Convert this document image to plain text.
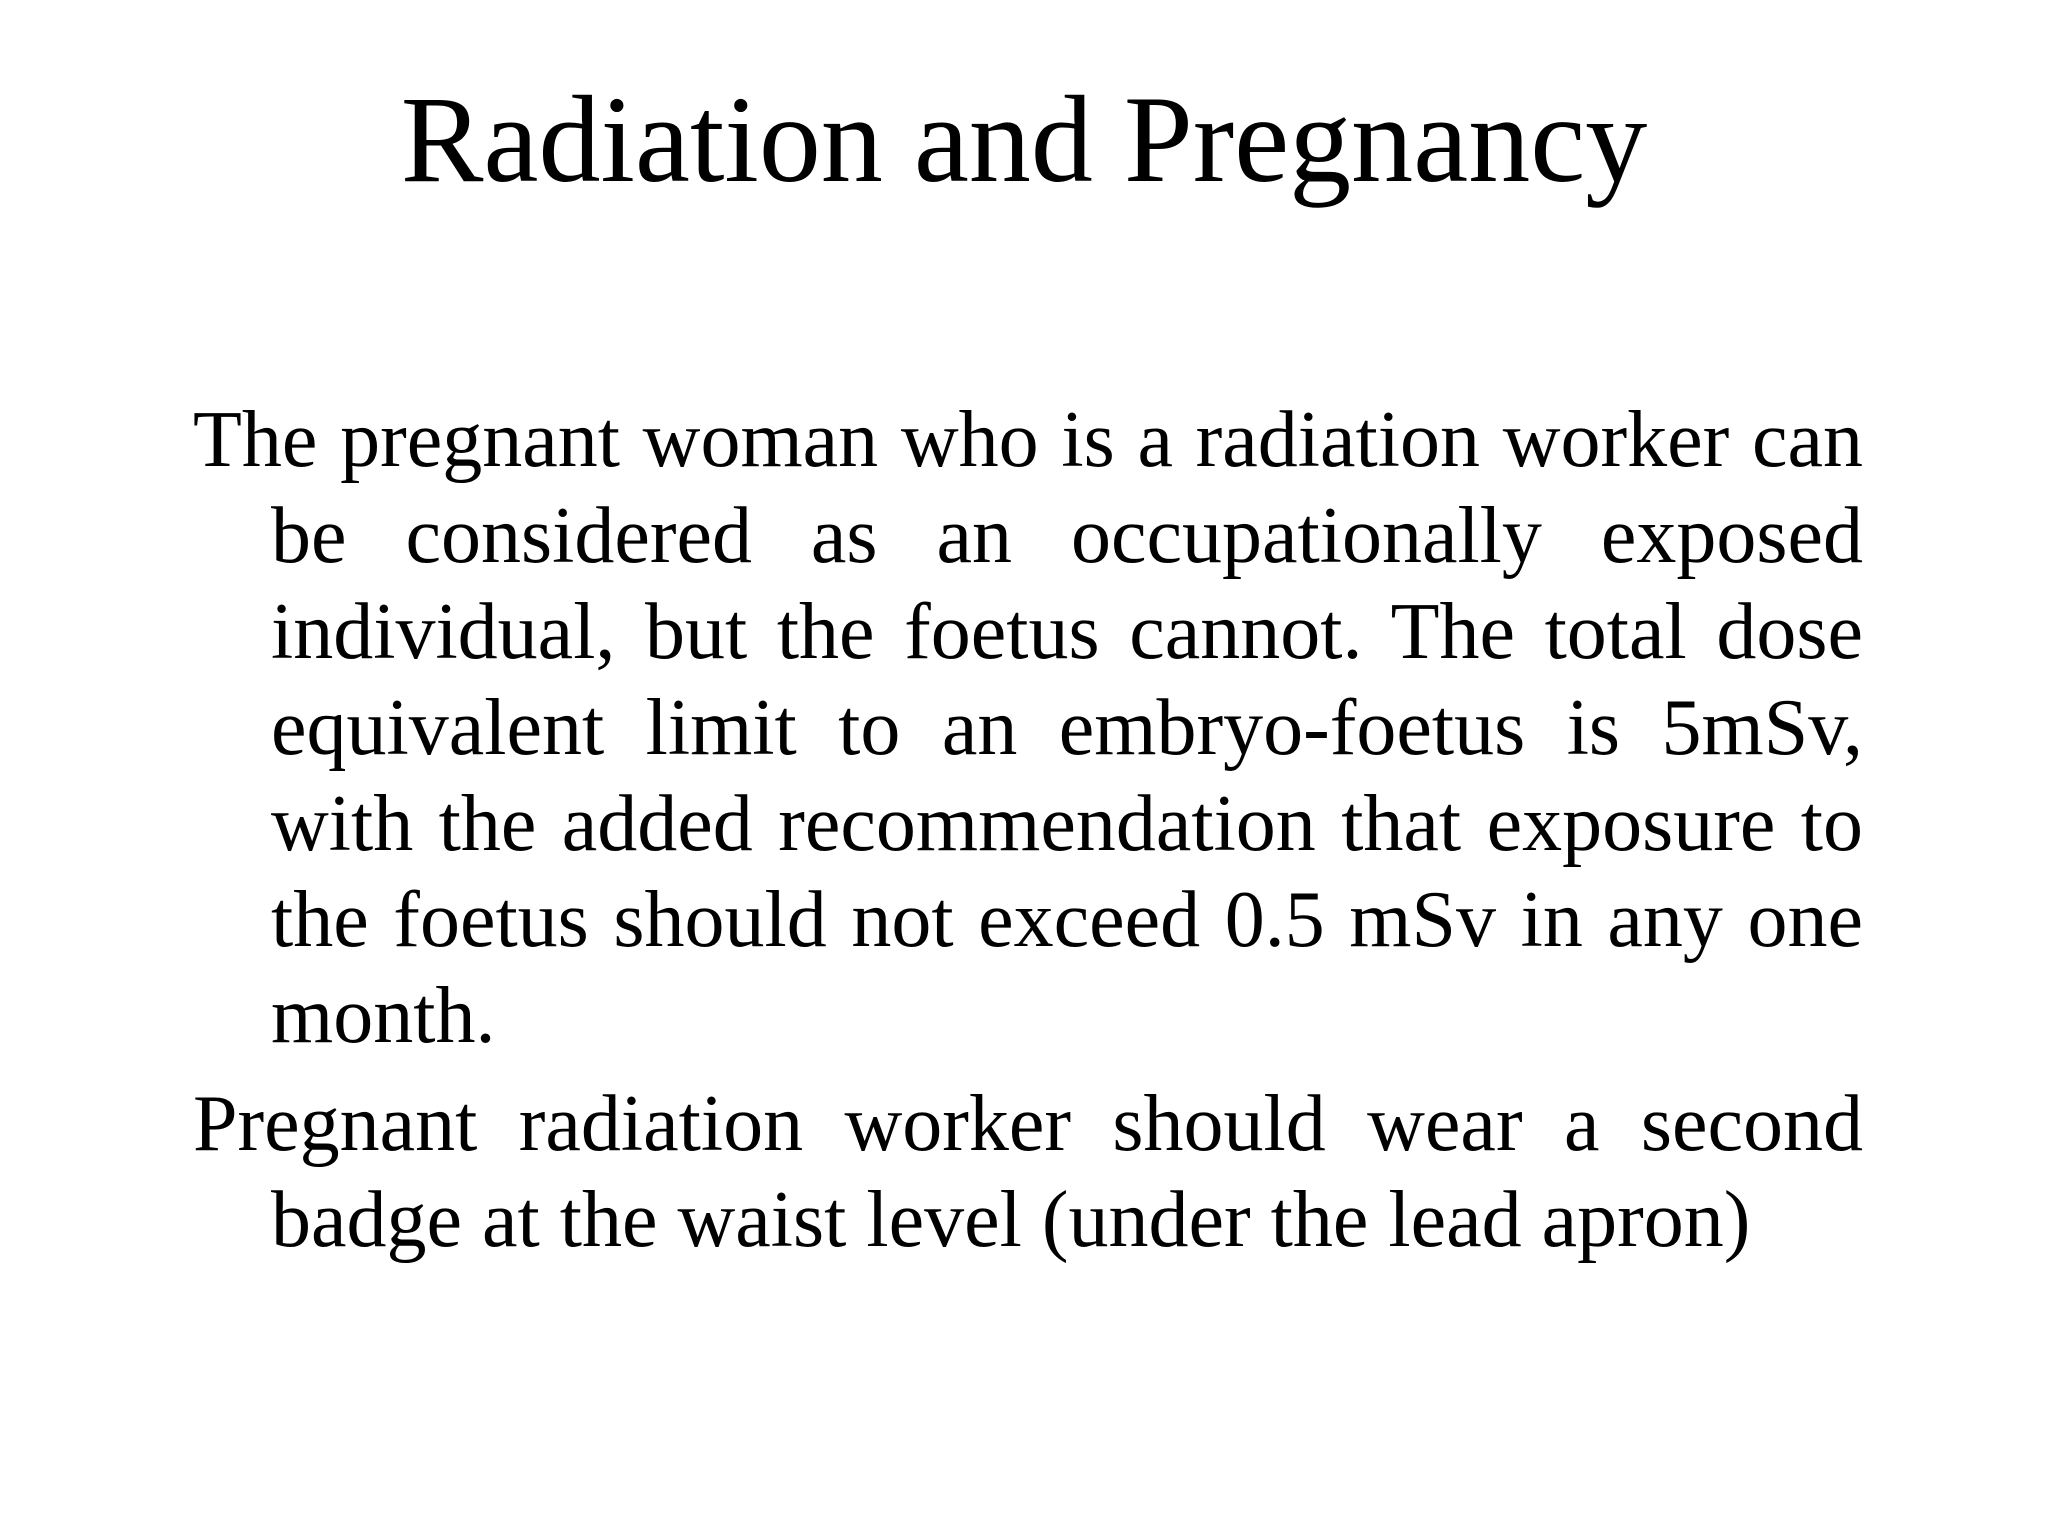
Radiation and Pregnancy
The pregnant woman who is a radiation worker can be considered as an occupationally exposed individual, but the foetus cannot. The total dose equivalent limit to an embryo-foetus is 5mSv, with the added recommendation that exposure to the foetus should not exceed 0.5 mSv in any one month.
Pregnant radiation worker should wear a second badge at the waist level (under the lead apron)
